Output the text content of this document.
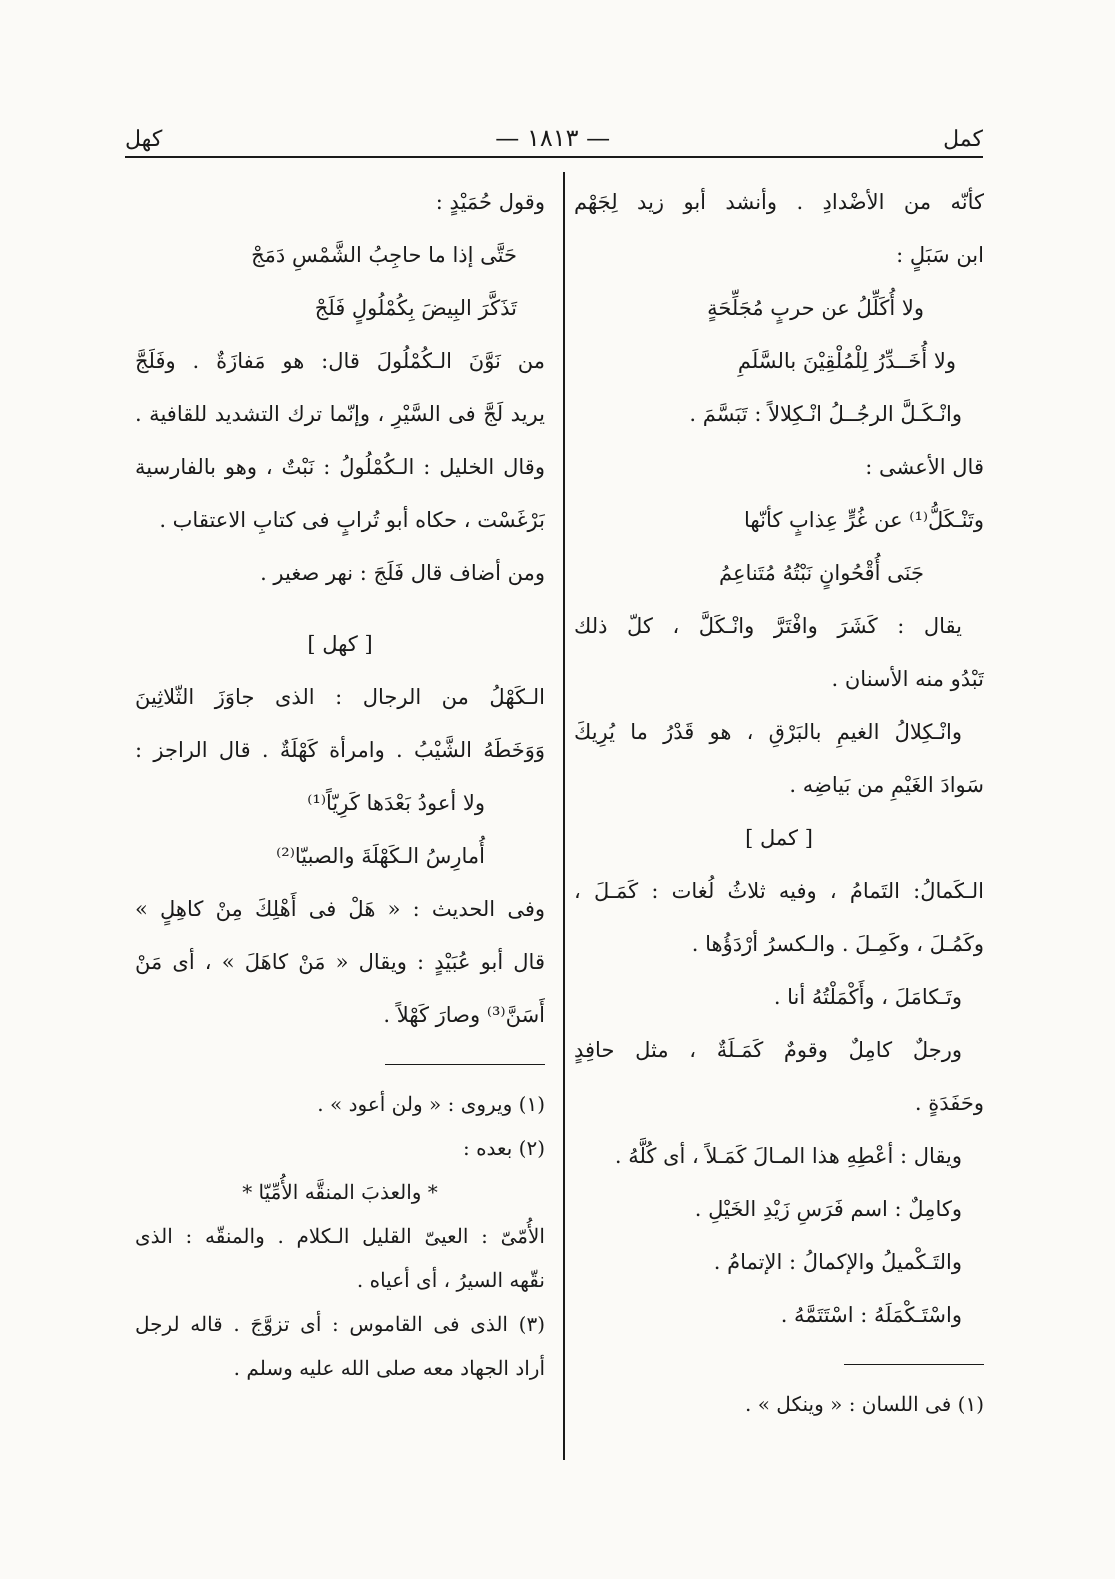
كمل
— ١٨١٣ —
كهل
كأنّه من الأضْدادِ . وأنشد أبو زيد لِجَهْم
ابن سَبَلٍ :
ولا أُكَلِّلُ عن حربٍ مُجَلِّحَةٍ
ولا أُخَــدِّرُ لِلْمُلْقِيْنَ بالسَّلَمِ
وانْـكَـلَّ الرجُــلُ انْـكِلالاً : تَبَسَّمَ .
قال الأعشى :
وتَنْـكَلُّ⁽¹⁾ عن غُرٍّ عِذابٍ كأنّها
جَنَى أُقْحُوانٍ نَبْتُهُ مُتَناعِمُ
يقال : كَشَرَ وافْتَرَّ وانْـكَلَّ ، كلّ ذلك
تَبْدُو منه الأسنان .
وانْـكِلالُ الغيمِ بالبَرْقِ ، هو قَدْرُ ما يُرِيكَ
سَوادَ الغَيْمِ من بَياضِه .
[ كمل ]
الـكَمالُ: التَمامُ ، وفيه ثلاثُ لُغات : كَمَـلَ ،
وكَمُـلَ ، وكَمِـلَ . والـكسرُ أرْدَؤُها .
وتَـكامَلَ ، وأَكْمَلْتُهُ أنا .
ورجلٌ كامِلٌ وقومٌ كَمَـلَةٌ ، مثل حافِدٍ
وحَفَدَةٍ .
ويقال : أعْطِهِ هذا المـالَ كَمَـلاً ، أى كُلَّهُ .
وكامِلٌ : اسم فَرَسِ زَيْدِ الخَيْلِ .
والتَـكْميلُ والإكمالُ : الإتمامُ .
واسْتَـكْمَلَهُ : اسْتَتَمَّهُ .
(١) فى اللسان : « وينكل » .
وقول حُمَيْدٍ :
حَتَّى إذا ما حاجِبُ الشَّمْسِ دَمَجْ
تَذَكَّرَ البِيضَ بِكُمْلُولٍ فَلَجْ
من نَوَّنَ الـكُمْلُولَ قال: هو مَفازَةٌ . وفَلَجَّ
يريد لَجَّ فى السَّيْرِ ، وإنّما ترك التشديد للقافية .
وقال الخليل : الـكُمْلُولُ : نَبْتٌ ، وهو بالفارسية
بَرْغَسْت ، حكاه أبو تُرابٍ فى كتابِ الاعتقاب .
ومن أضاف قال فَلَجَ : نهر صغير .
[ كهل ]
الـكَهْلُ من الرجال : الذى جاوَزَ الثّلاثِينَ
وَوَخَطَهُ الشَّيْبُ . وامرأة كَهْلَةٌ . قال الراجز :
ولا أعودُ بَعْدَها كَرِيّاً⁽¹⁾
أُمارِسُ الـكَهْلَةَ والصبيّا⁽²⁾
وفى الحديث : « هَلْ فى أَهْلِكَ مِنْ كاهِلٍ »
قال أبو عُبَيْدٍ : ويقال « مَنْ كاهَلَ » ، أى مَنْ
أَسَنَّ⁽³⁾ وصارَ كَهْلاً .
(١) ويروى : « ولن أعود » .
(٢) بعده :
* والعذبَ المنقَّه الأُمِّيّا *
الأُمّىّ : العيىّ القليل الـكلام . والمنقّه : الذى
نقّهه السيرُ ، أى أعياه .
(٣) الذى فى القاموس : أى تزوَّجَ . قاله لرجل
أراد الجهاد معه صلى الله عليه وسلم .
